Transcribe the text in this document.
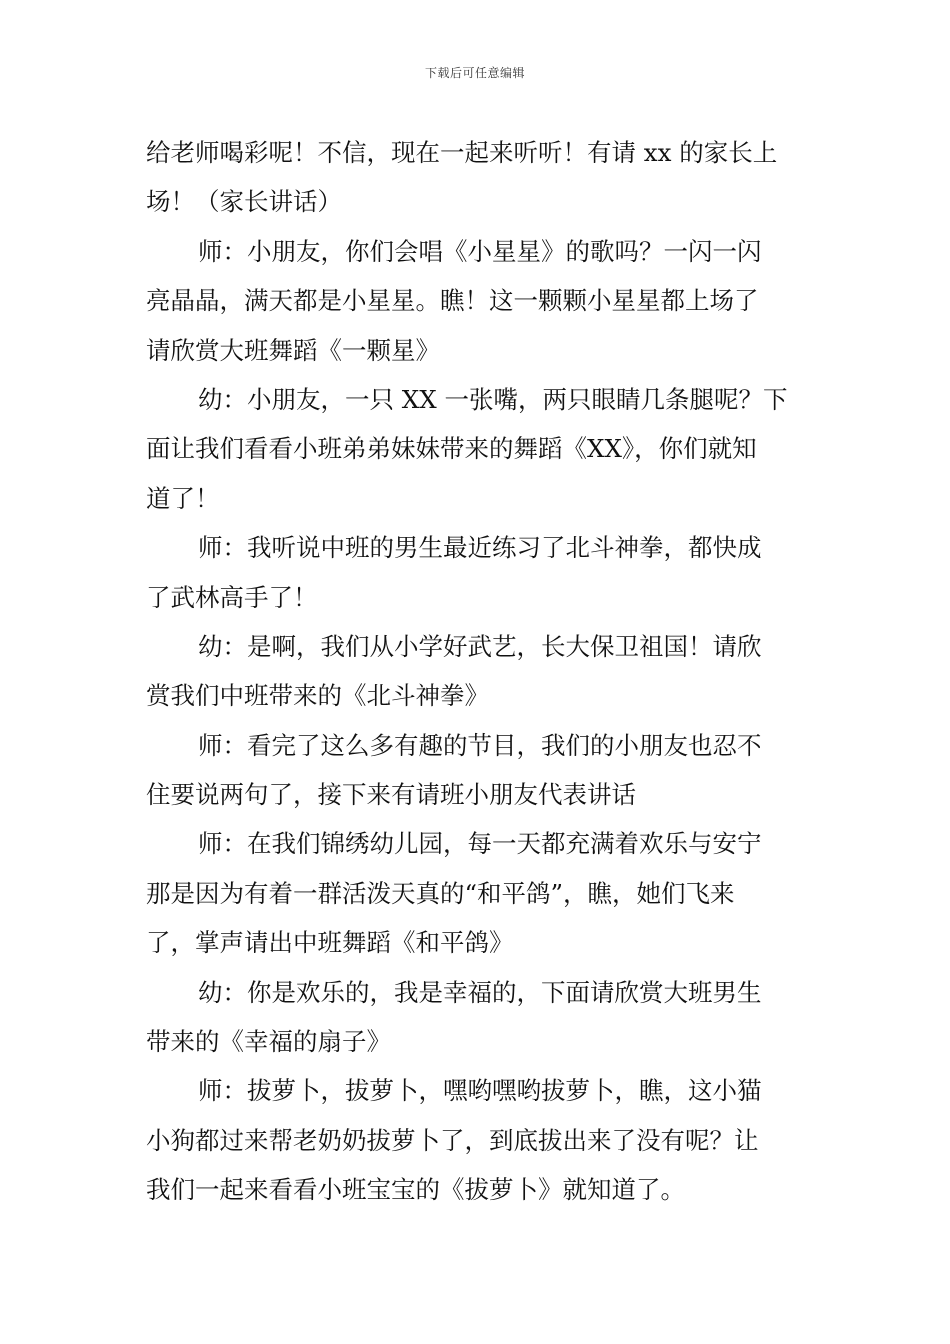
下载后可任意编辑
给老师喝彩呢！不信，现在一起来听听！有请 xx 的家长上
场！（家长讲话）
师：小朋友，你们会唱《小星星》的歌吗？一闪一闪
亮晶晶，满天都是小星星。瞧！这一颗颗小星星都上场了
请欣赏大班舞蹈《一颗星》
幼：小朋友，一只 XX 一张嘴，两只眼睛几条腿呢？下
面让我们看看小班弟弟妹妹带来的舞蹈《XX》，你们就知
道了！
师：我听说中班的男生最近练习了北斗神拳，都快成
了武林高手了！
幼：是啊，我们从小学好武艺，长大保卫祖国！请欣
赏我们中班带来的《北斗神拳》
师：看完了这么多有趣的节目，我们的小朋友也忍不
住要说两句了，接下来有请班小朋友代表讲话
师：在我们锦绣幼儿园，每一天都充满着欢乐与安宁
那是因为有着一群活泼天真的“和平鸽”，瞧，她们飞来
了，掌声请出中班舞蹈《和平鸽》
幼：你是欢乐的，我是幸福的，下面请欣赏大班男生
带来的《幸福的扇子》
师：拔萝卜，拔萝卜，嘿哟嘿哟拔萝卜，瞧，这小猫
小狗都过来帮老奶奶拔萝卜了，到底拔出来了没有呢？让
我们一起来看看小班宝宝的《拔萝卜》就知道了。
